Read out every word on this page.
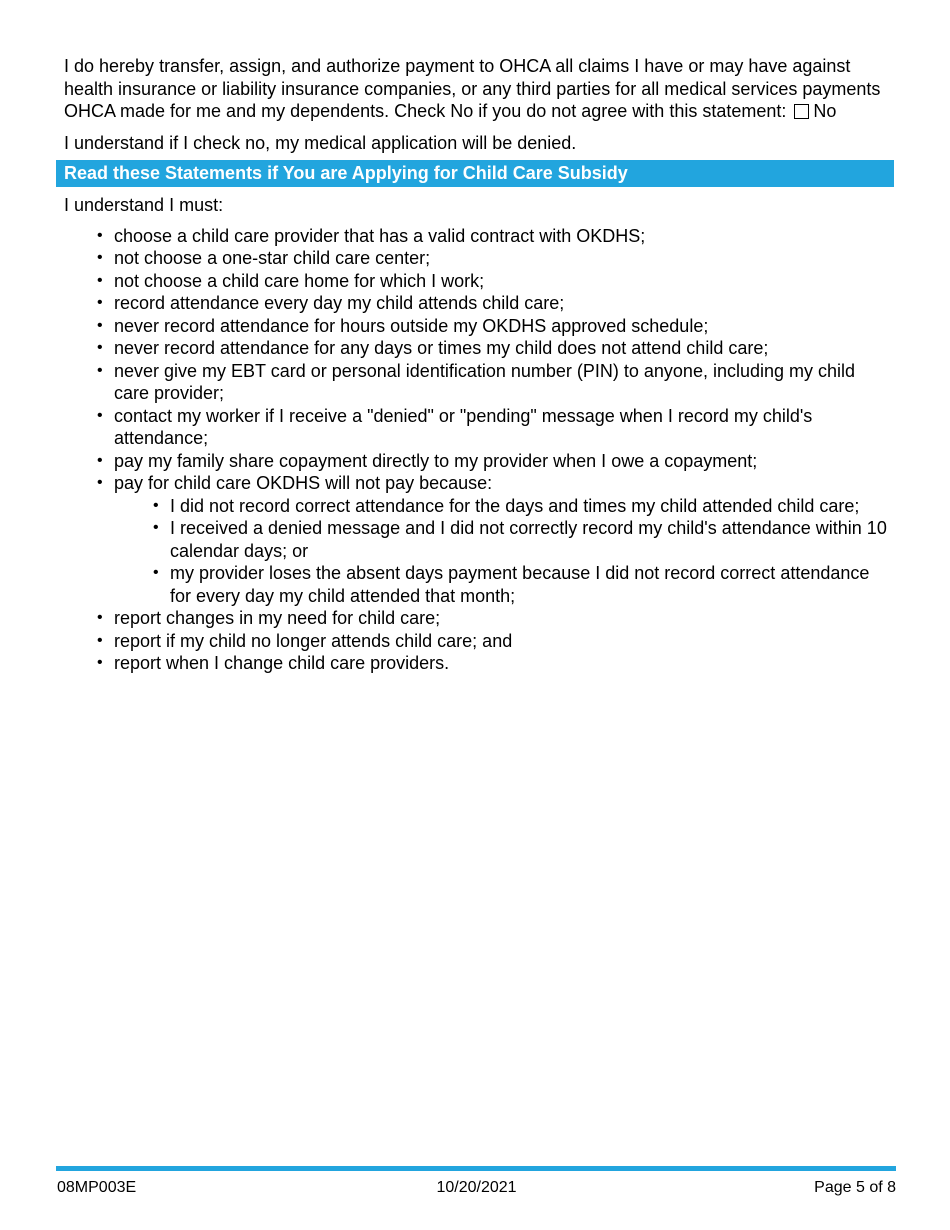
I do hereby transfer, assign, and authorize payment to OHCA all claims I have or may have against health insurance or liability insurance companies, or any third parties for all medical services payments OHCA made for me and my dependents. Check No if you do not agree with this statement: No

I understand if I check no, my medical application will be denied.

Read these Statements if You are Applying for Child Care Subsidy

I understand I must:

• choose a child care provider that has a valid contract with OKDHS;
• not choose a one-star child care center;
• not choose a child care home for which I work;
• record attendance every day my child attends child care;
• never record attendance for hours outside my OKDHS approved schedule;
• never record attendance for any days or times my child does not attend child care;
• never give my EBT card or personal identification number (PIN) to anyone, including my child care provider;
• contact my worker if I receive a "denied" or "pending" message when I record my child's attendance;
• pay my family share copayment directly to my provider when I owe a copayment;
• pay for child care OKDHS will not pay because:
• I did not record correct attendance for the days and times my child attended child care;
• I received a denied message and I did not correctly record my child's attendance within 10 calendar days; or
• my provider loses the absent days payment because I did not record correct attendance for every day my child attended that month;
• report changes in my need for child care;
• report if my child no longer attends child care; and
• report when I change child care providers.
08MP003E	10/20/2021	Page 5 of 8
